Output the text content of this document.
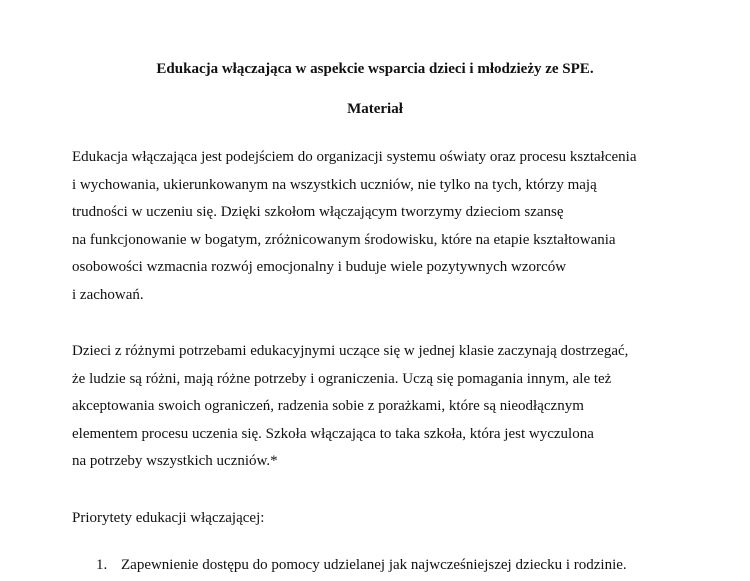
Edukacja włączająca w aspekcie wsparcia dzieci i młodzieży ze SPE.
Materiał

Edukacja włączająca jest podejściem do organizacji systemu oświaty oraz procesu kształcenia
i wychowania, ukierunkowanym na wszystkich uczniów, nie tylko na tych, którzy mają
trudności w uczeniu się. Dzięki szkołom włączającym tworzymy dzieciom szansę
na funkcjonowanie w bogatym, zróżnicowanym środowisku, które na etapie kształtowania
osobowości wzmacnia rozwój emocjonalny i buduje wiele pozytywnych wzorców
i zachowań.

Dzieci z różnymi potrzebami edukacyjnymi uczące się w jednej klasie zaczynają dostrzegać,
że ludzie są różni, mają różne potrzeby i ograniczenia. Uczą się pomagania innym, ale też
akceptowania swoich ograniczeń, radzenia sobie z porażkami, które są nieodłącznym
elementem procesu uczenia się. Szkoła włączająca to taka szkoła, która jest wyczulona
na potrzeby wszystkich uczniów.*

Priorytety edukacji włączającej:

1. Zapewnienie dostępu do pomocy udzielanej jak najwcześniejszej dziecku i rodzinie.
